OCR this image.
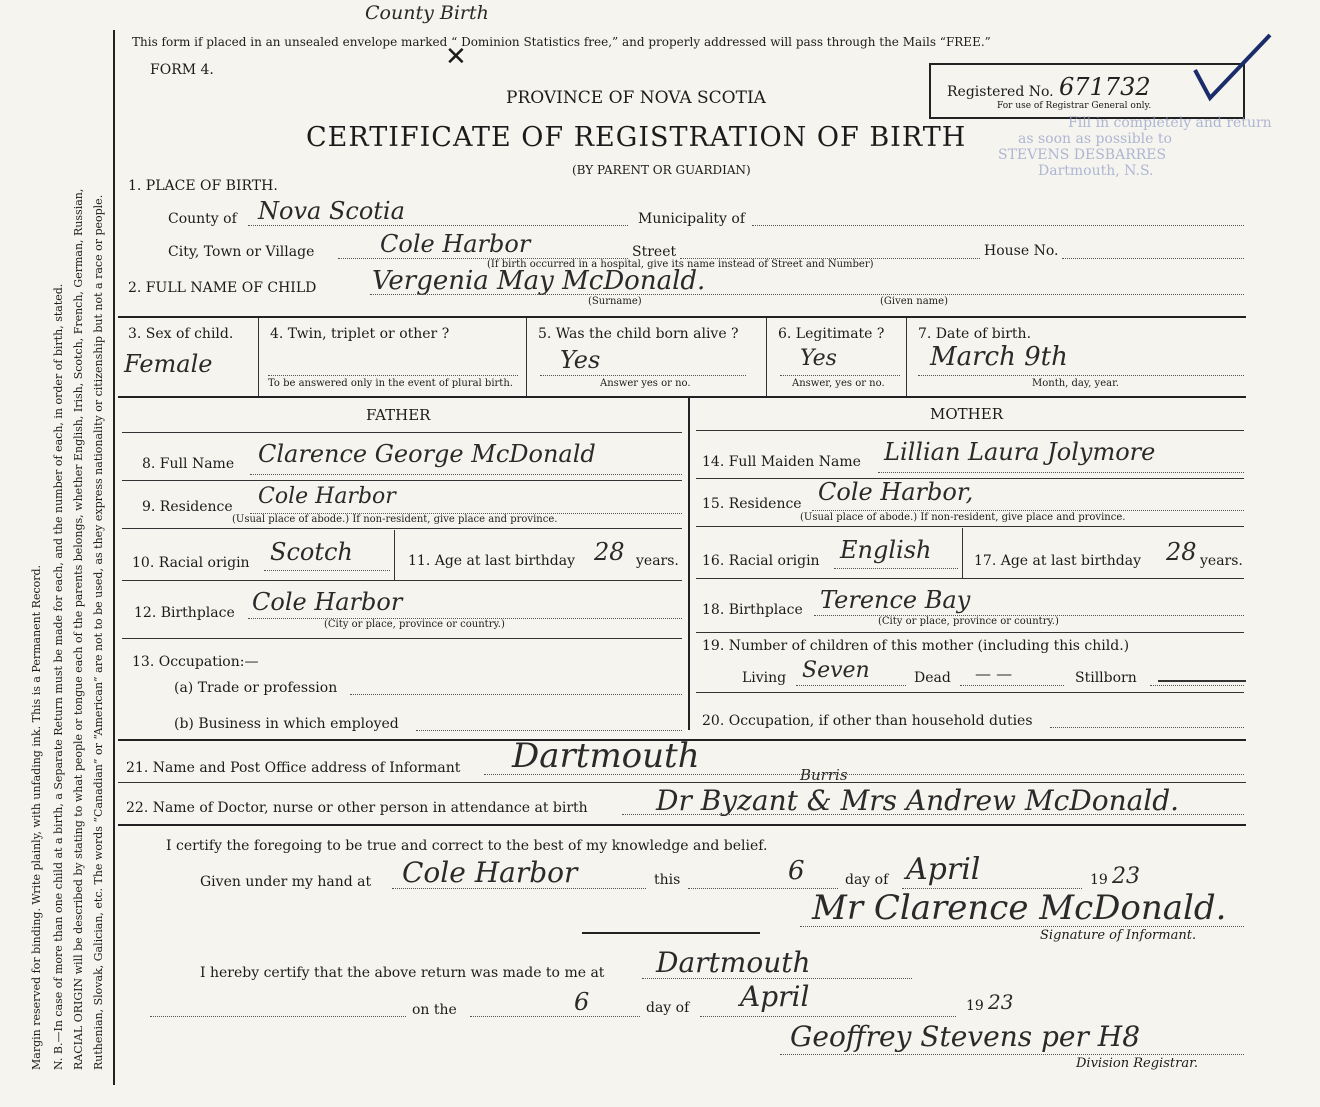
County Birth
✕
Margin reserved for binding. Write plainly, with unfading ink. This is a Permanent Record. N. B.—In case of more than one child at a birth, a Separate Return must be made for each, and the number of each, in order of birth, stated. RACIAL ORIGIN will be described by stating to what people or tongue each of the parents belongs, whether English, Irish, Scotch, French, German, Russian, Ruthenian, Slovak, Galician, etc. The words “Canadian” or “American” are not to be used, as they express nationality or citizenship but not a race or people.
This form if placed in an unsealed envelope marked “ Dominion Statistics free,” and properly addressed will pass through the Mails “FREE.”
FORM 4.
PROVINCE OF NOVA SCOTIA
CERTIFICATE OF REGISTRATION OF BIRTH
(BY PARENT OR GUARDIAN)
Registered No. 671732
For use of Registrar General only.
Fill in completely and return
as soon as possible to
STEVENS DESBARRES
Dartmouth, N.S.
1. PLACE OF BIRTH.
County of Nova Scotia	Municipality of
City, Town or Village	Cole Harbor	Street	House No.
(If birth occurred in a hospital, give its name instead of Street and Number)
2. FULL NAME OF CHILD Vergenia May McDonald.
(Surname)	(Given name)
3. Sex of child.
Female
4. Twin, triplet or other ?
To be answered only in the event of plural birth.
5. Was the child born alive ?
Yes
Answer yes or no.
6. Legitimate ?
Yes
Answer, yes or no.
7. Date of birth.
March 9th
Month, day, year.
FATHER
8. Full Name Clarence George McDonald
9. Residence Cole Harbor
(Usual place of abode.) If non-resident, give place and province.
10. Racial origin Scotch	11. Age at last birthday 28 years.
12. Birthplace Cole Harbor
(City or place, province or country.)
13. Occupation:—
(a) Trade or profession
(b) Business in which employed
MOTHER
14. Full Maiden Name Lillian Laura Jolymore
15. Residence Cole Harbor,
(Usual place of abode.) If non-resident, give place and province.
16. Racial origin English	17. Age at last birthday 28 years.
18. Birthplace Terence Bay
(City or place, province or country.)
19. Number of children of this mother (including this child.)
Living Seven	Dead — —	Stillborn
20. Occupation, if other than household duties
21. Name and Post Office address of Informant Dartmouth	Burris
22. Name of Doctor, nurse or other person in attendance at birth Dr Byzant & Mrs Andrew McDonald.
I certify the foregoing to be true and correct to the best of my knowledge and belief.
Given under my hand at Cole Harbor	this	6	day of April	19 23
Mr Clarence McDonald.
Signature of Informant.
I hereby certify that the above return was made to me at Dartmouth
on the	6	day of April	19 23
Geoffrey Stevens per H8
Division Registrar.
